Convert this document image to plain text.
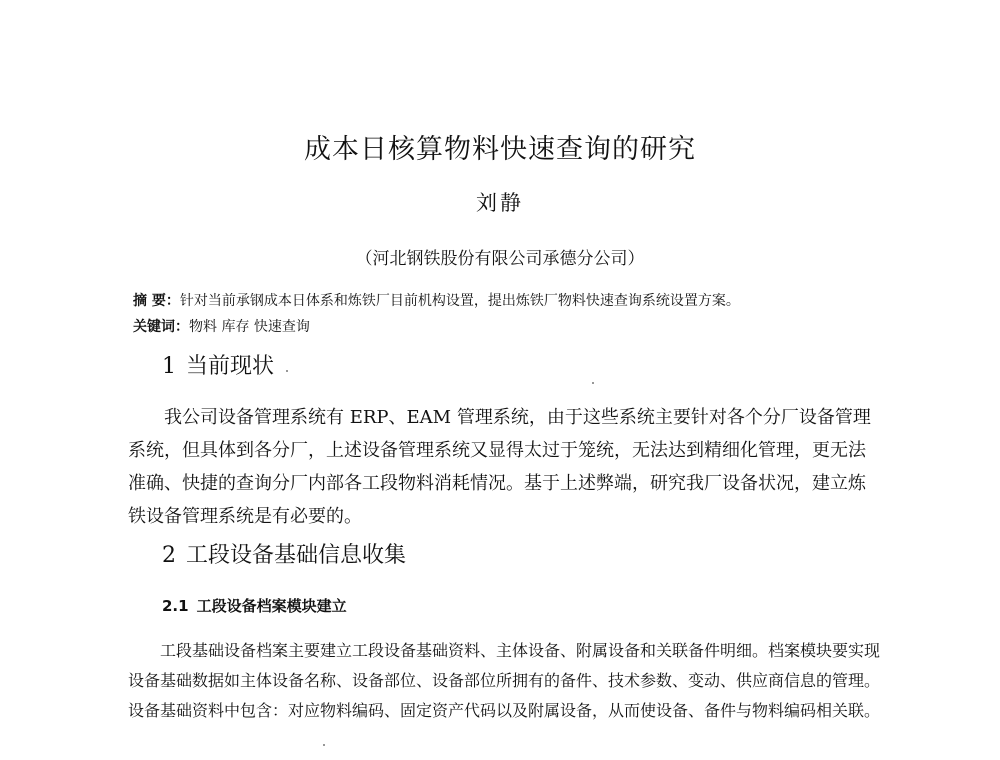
成本日核算物料快速查询的研究
刘静
（河北钢铁股份有限公司承德分公司）
摘 要：针对当前承钢成本日体系和炼铁厂目前机构设置，提出炼铁厂物料快速查询系统设置方案。
关键词：物料 库存 快速查询
1 当前现状

我公司设备管理系统有 ERP、EAM 管理系统，由于这些系统主要针对各个分厂设备管理系统，但具体到各分厂，上述设备管理系统又显得太过于笼统，无法达到精细化管理，更无法准确、快捷的查询分厂内部各工段物料消耗情况。基于上述弊端，研究我厂设备状况，建立炼铁设备管理系统是有必要的。

2 工段设备基础信息收集
2.1 工段设备档案模块建立

工段基础设备档案主要建立工段设备基础资料、主体设备、附属设备和关联备件明细。档案模块要实现设备基础数据如主体设备名称、设备部位、设备部位所拥有的备件、技术参数、变动、供应商信息的管理。设备基础资料中包含：对应物料编码、固定资产代码以及附属设备，从而使设备、备件与物料编码相关联。
